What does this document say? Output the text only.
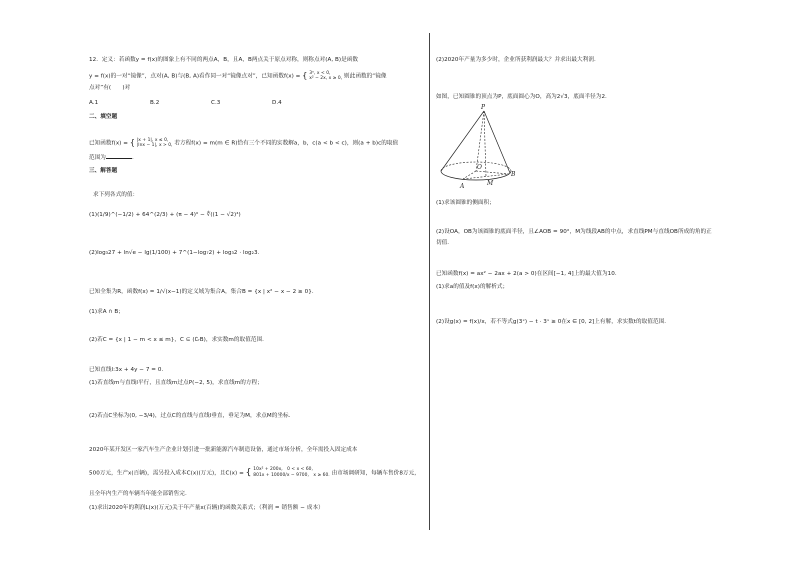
12．定义：若函数y = f(x)的图象上有不同的两点A，B，且A，B两点关于原点对称，则称点对(A, B)是函数
y = f(x)的一对“镜像”，点对(A, B)与(B, A)看作同一对“镜像点对”，已知函数f(x) = { 3ˣ, x < 0,
x² − 2x, x ≥ 0, 则此函数的“镜像
点对”有(　　)对
A.1	B.2	C.3	D.4
二、填空题
已知函数f(x) = { |x + 1|, x ≤ 0,
|lnx − 1|, x > 0, 若方程f(x) = m(m ∈ R)恰有三个不同的实数解a，b，c(a < b < c)，则(a + b)c的取值
范围为	.
三、解答题
求下列各式的值：
(1)(1/9)^(−1/2) + 64^(2/3) + (π − 4)⁰ − ∜((1 − √2)⁴)
(2)log₃27 + ln√e − lg(1/100) + 7^(1−log₇2) + log₃2 · log₂3.
已知全集为R，函数f(x) = 1/√(x−1)的定义域为集合A，集合B = {x | x² − x − 2 ≥ 0}.
(1)求A ∩ B；
(2)若C = {x | 1 − m < x ≤ m}，C ⊆ (∁ᵣB)，求实数m的取值范围.
已知直线l:3x + 4y − 7 = 0.
(1)若直线m与直线l平行，且直线m过点P(−2, 5)，求直线m的方程；
(2)若点C坐标为(0, −3/4)，过点C的直线与直线l垂直，垂足为M，求点M的坐标.
2020年某开发区一家汽车生产企业计划引进一批新能源汽车制造设备，通过市场分析，全年需投入固定成本
500万元，生产x(百辆)，需另投入成本C(x)(万元)，且C(x) = { 10x² + 200x,　0 < x < 60,
801x + 10000/x − 9700,　x ≥ 60. 由市场调研知，每辆车售价8万元，
且全年内生产的车辆当年能全部销售完.
(1)求出2020年的利润L(x)(万元)关于年产量x(百辆)的函数关系式；（利润 = 销售额 − 成本）
(2)2020年产量为多少时，企业所获利润最大？并求出最大利润.
如图，已知圆锥的顶点为P，底面圆心为O，高为2√3，底面半径为2.
P
O
A	M
B
(1)求该圆锥的侧面积；
(2)设OA，OB为该圆锥的底面半径，且∠AOB = 90°，M为线段AB的中点，求直线PM与直线OB所成的角的正
切值.
已知函数f(x) = ax² − 2ax + 2(a > 0)在区间[−1, 4]上的最大值为10.
(1)求a的值及f(x)的解析式；
(2)设g(x) = f(x)/x，若不等式g(3ˣ) − t · 3ˣ ≥ 0在x ∈ [0, 2]上有解，求实数t的取值范围.
